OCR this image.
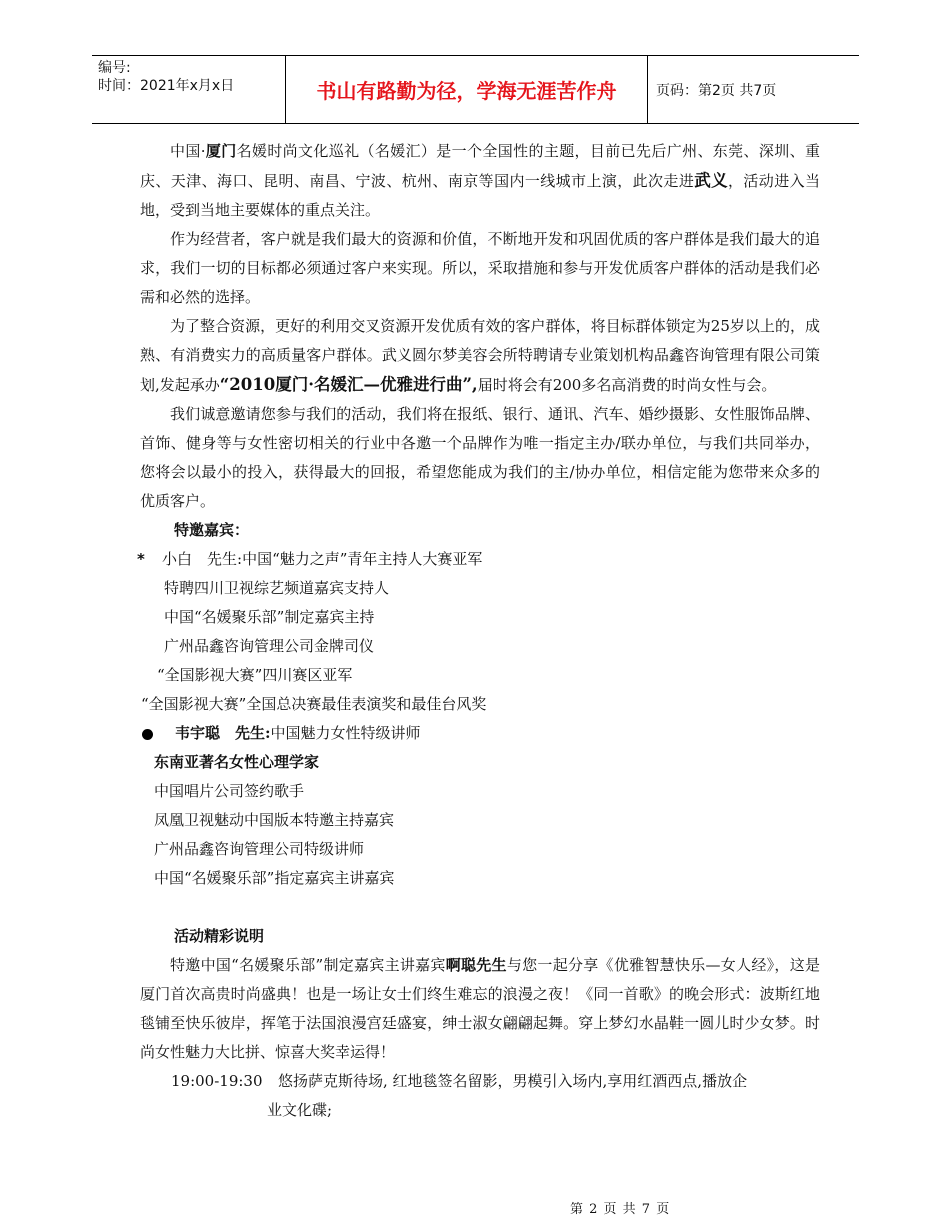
编号:
时间：2021年x月x日	书山有路勤为径，学海无涯苦作舟	页码：第2页 共7页

中国·厦门名媛时尚文化巡礼（名媛汇）是一个全国性的主题，目前已先后广州、东莞、深圳、重庆、天津、海口、昆明、南昌、宁波、杭州、南京等国内一线城市上演，此次走进武义，活动进入当地，受到当地主要媒体的重点关注。

作为经营者，客户就是我们最大的资源和价值，不断地开发和巩固优质的客户群体是我们最大的追求，我们一切的目标都必须通过客户来实现。所以，采取措施和参与开发优质客户群体的活动是我们必需和必然的选择。

为了整合资源，更好的利用交叉资源开发优质有效的客户群体，将目标群体锁定为25岁以上的，成熟、有消费实力的高质量客户群体。武义圆尔梦美容会所特聘请专业策划机构品鑫咨询管理有限公司策划,发起承办“2010厦门·名媛汇—优雅进行曲”,届时将会有200多名高消费的时尚女性与会。

我们诚意邀请您参与我们的活动，我们将在报纸、银行、通讯、汽车、婚纱摄影、女性服饰品牌、首饰、健身等与女性密切相关的行业中各邀一个品牌作为唯一指定主办/联办单位，与我们共同举办，您将会以最小的投入，获得最大的回报，希望您能成为我们的主/协办单位，相信定能为您带来众多的优质客户。

特邀嘉宾：

* 小白　先生:中国“魅力之声”青年主持人大赛亚军

特聘四川卫视综艺频道嘉宾支持人

中国“名媛聚乐部”制定嘉宾主持

广州品鑫咨询管理公司金牌司仪

“全国影视大赛”四川赛区亚军

“全国影视大赛”全国总决赛最佳表演奖和最佳台风奖

韦宇聪　先生:中国魅力女性特级讲师

东南亚著名女性心理学家

中国唱片公司签约歌手

凤凰卫视魅动中国版本特邀主持嘉宾

广州品鑫咨询管理公司特级讲师

中国“名媛聚乐部”指定嘉宾主讲嘉宾

活动精彩说明

特邀中国“名媛聚乐部”制定嘉宾主讲嘉宾啊聪先生与您一起分享《优雅智慧快乐—女人经》，这是厦门首次高贵时尚盛典！也是一场让女士们终生难忘的浪漫之夜！《同一首歌》的晚会形式：波斯红地毯铺至快乐彼岸，挥笔于法国浪漫宫廷盛宴，绅士淑女翩翩起舞。穿上梦幻水晶鞋一圆儿时少女梦。时尚女性魅力大比拼、惊喜大奖幸运得！

19:00-19:30 悠扬萨克斯待场, 红地毯签名留影，男模引入场内,享用红酒西点,播放企

业文化碟;

第 2 页 共 7 页
